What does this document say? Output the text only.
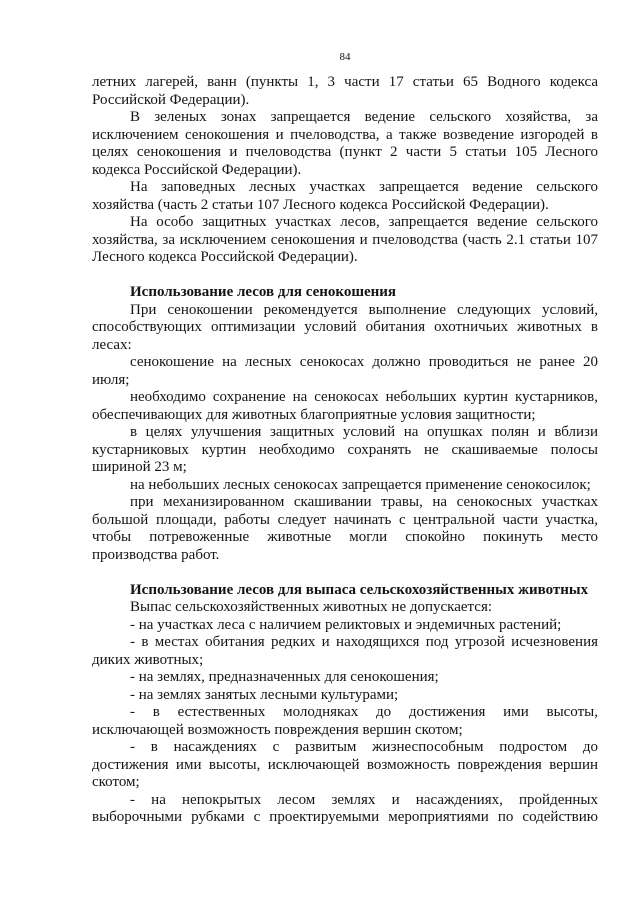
84
летних лагерей, ванн (пункты 1, 3 части 17 статьи 65 Водного кодекса
Российской Федерации).
В зеленых зонах запрещается ведение сельского хозяйства, за
исключением сенокошения и пчеловодства, а также возведение изгородей в
целях сенокошения и пчеловодства (пункт 2 части 5 статьи 105 Лесного
кодекса Российской Федерации).
На заповедных лесных участках запрещается ведение сельского
хозяйства (часть 2 статьи 107 Лесного кодекса Российской Федерации).
На особо защитных участках лесов, запрещается ведение сельского
хозяйства, за исключением сенокошения и пчеловодства (часть 2.1 статьи 107
Лесного кодекса Российской Федерации).
Использование лесов для сенокошения
При сенокошении рекомендуется выполнение следующих условий,
способствующих оптимизации условий обитания охотничьих животных в
лесах:
сенокошение на лесных сенокосах должно проводиться не ранее 20
июля;
необходимо сохранение на сенокосах небольших куртин кустарников,
обеспечивающих для животных благоприятные условия защитности;
в целях улучшения защитных условий на опушках полян и вблизи
кустарниковых куртин необходимо сохранять не скашиваемые полосы
шириной 23 м;
на небольших лесных сенокосах запрещается применение сенокосилок;
при механизированном скашивании травы, на сенокосных участках
большой площади, работы следует начинать с центральной части участка,
чтобы потревоженные животные могли спокойно покинуть место
производства работ.
Использование лесов для выпаса сельскохозяйственных животных
Выпас сельскохозяйственных животных не допускается:
- на участках леса с наличием реликтовых и эндемичных растений;
- в местах обитания редких и находящихся под угрозой исчезновения
диких животных;
- на землях, предназначенных для сенокошения;
- на землях занятых лесными культурами;
- в естественных молодняках до достижения ими высоты,
исключающей возможность повреждения вершин скотом;
- в насаждениях с развитым жизнеспособным подростом до
достижения ими высоты, исключающей возможность повреждения вершин
скотом;
- на непокрытых лесом землях и насаждениях, пройденных
выборочными рубками с проектируемыми мероприятиями по содействию
